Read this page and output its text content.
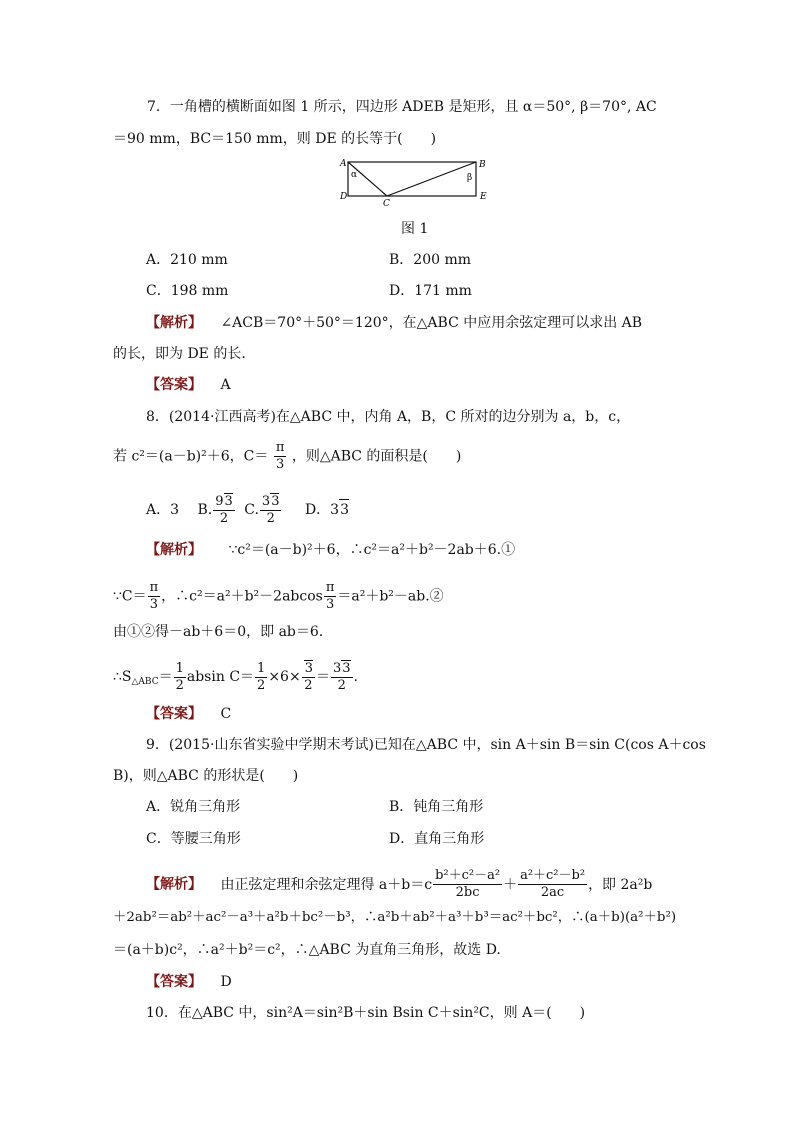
7．一角槽的横断面如图 1 所示，四边形 ADEB 是矩形，且 α＝50°, β＝70°, AC
＝90 mm，BC＝150 mm，则 DE 的长等于(　　)
A	B
C
D	E
α	β
图 1
A．210 mm	B．200 mm
C．198 mm	D．171 mm
【解析】 ∠ACB＝70°＋50°＝120°，在△ABC 中应用余弦定理可以求出 AB
的长，即为 DE 的长．
【答案】 A
8．(2014·江西高考)在△ABC 中，内角 A，B，C 所对的边分别为 a，b，c，
若 c²＝(a－b)²＋6，$C= \frac{\pi}{3}$ ，则△ABC 的面积是(　　)
A．3 B. $\frac{93}{2} C$. $\frac{33}{2}$ D．33
【解析】 ∵c²＝(a－b)²＋6，∴c²＝a²＋b²－2ab＋6.①
∵C＝ $\frac{\pi}{3}$ ，∴c²＝a²＋b²－2abcos $\frac{\pi}{3}$ ＝a²＋b²－ab.②
由①②得－ab＋6＝0，即 ab＝6.
$\therefore S_{\triangle ABC}= \frac{1}{2}$ absin $C= \frac{1}{2} \times 6\times \frac{3}{2} = \frac{33}{2}$ .
【答案】 C
9．(2015·山东省实验中学期末考试)已知在△ABC 中，sin A＋sin B＝sin C(cos A＋cos
B)，则△ABC 的形状是(　　)
A．锐角三角形	B．钝角三角形
C．等腰三角形	D．直角三角形
【解析】 由正弦定理和余弦定理得 $a+b=c \frac{\text{b²＋c²－a²}}{2bc} + \frac{\text{a²＋c²－b²}}{2ac}$ ，即 2a²b
＋2ab²＝ab²＋ac²－a³＋a²b＋bc²－b³，∴a²b＋ab²＋a³＋b³＝ac²＋bc²，∴(a＋b)(a²＋b²)
＝(a＋b)c²，∴a²＋b²＝c²，∴△ABC 为直角三角形，故选 D.
【答案】 D
10．在△ABC 中，sin²A＝sin²B＋sin Bsin C＋sin²C，则 A＝(　　)
